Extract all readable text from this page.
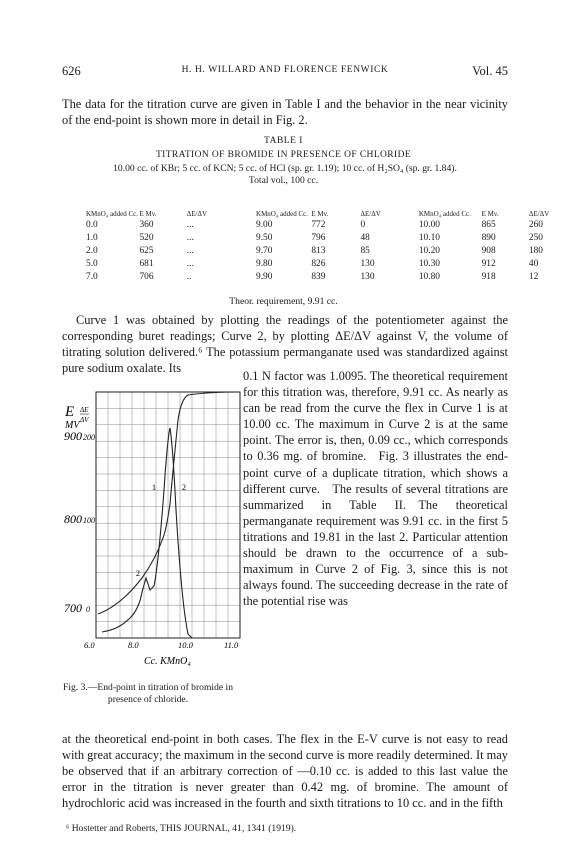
626	H. H. WILLARD AND FLORENCE FENWICK	Vol. 45
The data for the titration curve are given in Table I and the behavior in the near vicinity of the end-point is shown more in detail in Fig. 2.
TABLE I
TITRATION OF BROMIDE IN PRESENCE OF CHLORIDE
10.00 cc. of KBr; 5 cc. of KCN; 5 cc. of HCl (sp. gr. 1.19); 10 cc. of H₂SO₄ (sp. gr. 1.84).
Total vol., 100 cc.
KMnO₄ added Cc.	E Mv.	ΔE/ΔV	KMnO₄ added Cc.	E Mv.	ΔE/ΔV	KMnO₄ added Cc.	E Mv.	ΔE/ΔV
0.0	360	...	9.00	772	0	10.00	865	260
1.0	520	...	9.50	796	48	10.10	890	250
2.0	625	...	9.70	813	85	10.20	908	180
5.0	681	...	9.80	826	130	10.30	912	40
7.0	706	..	9.90	839	130	10.80	918	12
Theor. requirement, 9.91 cc.
Curve 1 was obtained by plotting the readings of the potentiometer against the corresponding buret readings; Curve 2, by plotting ΔE/ΔV against V, the volume of titrating solution delivered.⁶ The potassium permanganate used was standardized against pure sodium oxalate. Its
0.1 N factor was 1.0095. The theoretical requirement for this titration was, therefore, 9.91 cc. As nearly as can be read from the curve the flex in Curve 1 is at 10.00 cc. The maximum in Curve 2 is at the same point. The error is, then, 0.09 cc., which corresponds to 0.36 mg. of bromine. Fig. 3 illustrates the end-point curve of a duplicate titration, which shows a different curve. The results of several titrations are summarized in Table II. The theoretical permanganate requirement was 9.91 cc. in the first 5 titrations and 19.81 in the last 2. Particular attention should be drawn to the occurrence of a sub-maximum in Curve 2 of Fig. 3, since this is not always found. The succeeding decrease in the rate of the potential rise was
E ΔE
MV ΔV
900 200
800 100
700 0
1	2
2
6.0	8.0	10.0	11.0
Cc. KMnO₄
Fig. 3.—End-point in titration of bromide in presence of chloride.
at the theoretical end-point in both cases. The flex in the E-V curve is not easy to read with great accuracy; the maximum in the second curve is more readily determined. It may be observed that if an arbitrary correction of —0.10 cc. is added to this last value the error in the titration is never greater than 0.42 mg. of bromine. The amount of hydrochloric acid was increased in the fourth and sixth titrations to 10 cc. and in the fifth
⁶ Hostetter and Roberts, THIS JOURNAL, 41, 1341 (1919).
